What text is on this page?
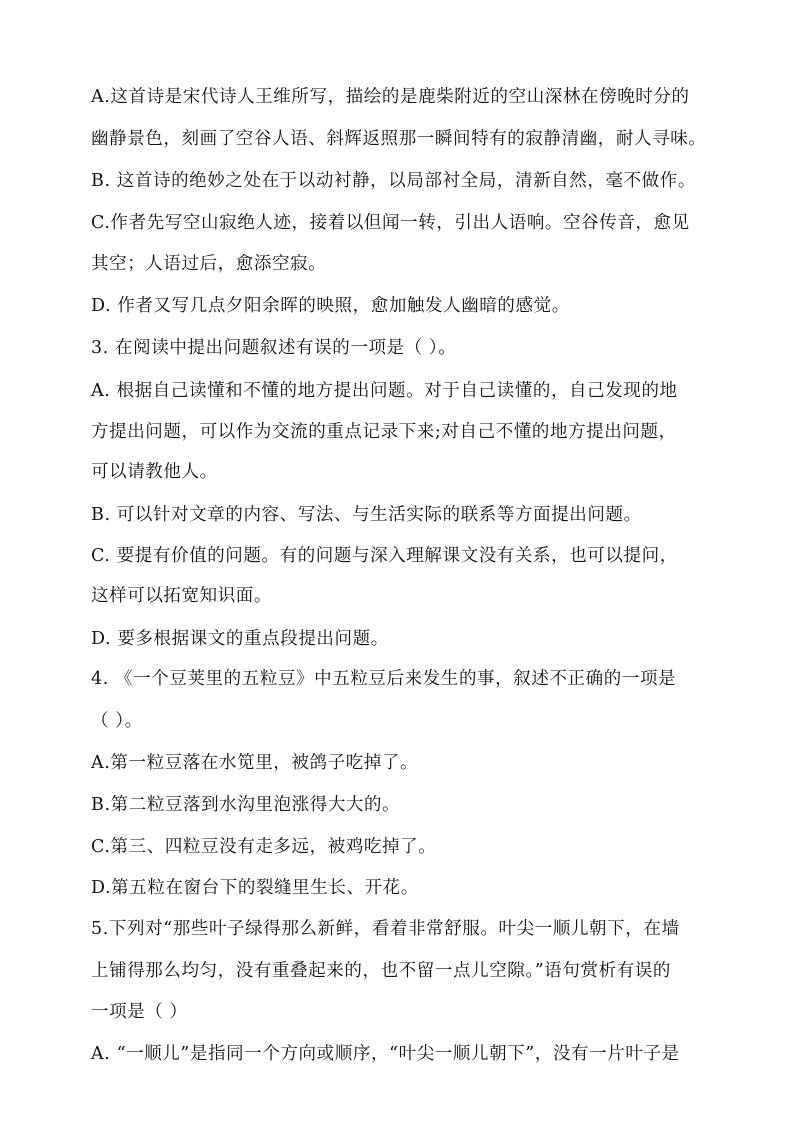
A.这首诗是宋代诗人王维所写，描绘的是鹿柴附近的空山深林在傍晚时分的
幽静景色，刻画了空谷人语、斜辉返照那一瞬间特有的寂静清幽，耐人寻味。
B. 这首诗的绝妙之处在于以动衬静，以局部衬全局，清新自然，毫不做作。
C.作者先写空山寂绝人迹，接着以但闻一转，引出人语响。空谷传音，愈见
其空；人语过后，愈添空寂。
D. 作者又写几点夕阳余晖的映照，愈加触发人幽暗的感觉。
3. 在阅读中提出问题叙述有误的一项是（ ）。
A. 根据自己读懂和不懂的地方提出问题。对于自己读懂的，自己发现的地
方提出问题，可以作为交流的重点记录下来;对自己不懂的地方提出问题，
可以请教他人。
B. 可以针对文章的内容、写法、与生活实际的联系等方面提出问题。
C. 要提有价值的问题。有的问题与深入理解课文没有关系，也可以提问，
这样可以拓宽知识面。
D. 要多根据课文的重点段提出问题。
4. 《一个豆荚里的五粒豆》中五粒豆后来发生的事，叙述不正确的一项是
（ ）。
A.第一粒豆落在水笕里，被鸽子吃掉了。
B.第二粒豆落到水沟里泡涨得大大的。
C.第三、四粒豆没有走多远，被鸡吃掉了。
D.第五粒在窗台下的裂缝里生长、开花。
5.下列对“那些叶子绿得那么新鲜，看着非常舒服。叶尖一顺儿朝下，在墙
上铺得那么均匀，没有重叠起来的，也不留一点儿空隙。”语句赏析有误的
一项是（ ）
A. “一顺儿”是指同一个方向或顺序，“叶尖一顺儿朝下”，没有一片叶子是
